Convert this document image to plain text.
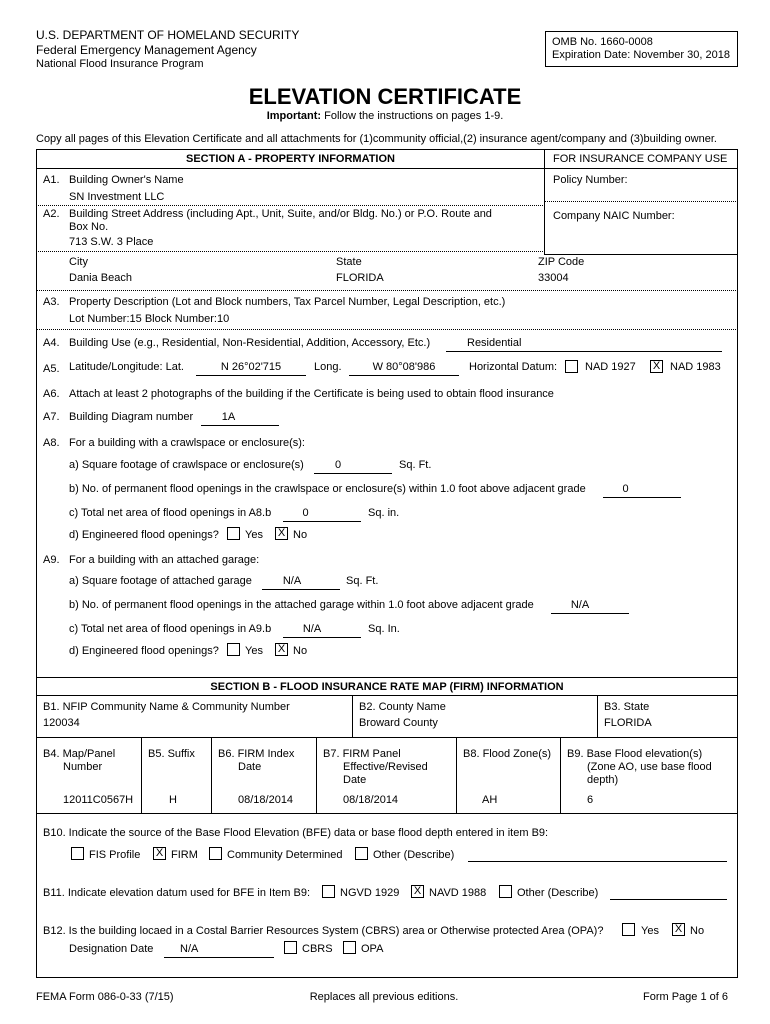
U.S. DEPARTMENT OF HOMELAND SECURITY
Federal Emergency Management Agency
National Flood Insurance Program
OMB No. 1660-0008
Expiration Date: November 30, 2018
ELEVATION CERTIFICATE
Important: Follow the instructions on pages 1-9.
Copy all pages of this Elevation Certificate and all attachments for (1)community official,(2) insurance agent/company and (3)building owner.
SECTION A - PROPERTY INFORMATION	FOR INSURANCE COMPANY USE
A1. Building Owner's Name
SN Investment LLC
Policy Number:
A2. Building Street Address (including Apt., Unit, Suite, and/or Bldg. No.) or P.O. Route and
Box No.
713 S.W. 3 Place
Company NAIC Number:
City
Dania Beach
State
FLORIDA
ZIP Code
33004
A3. Property Description (Lot and Block numbers, Tax Parcel Number, Legal Description, etc.)
Lot Number:15 Block Number:10
A4. Building Use (e.g., Residential, Non-Residential, Addition, Accessory, Etc.)	Residential
A5. Latitude/Longitude: Lat.	N 26°02'715	Long.	W 80°08'986	Horizontal Datum:	NAD 1927 X NAD 1983
A6. Attach at least 2 photographs of the building if the Certificate is being used to obtain flood insurance
A7. Building Diagram number	1A
A8. For a building with a crawlspace or enclosure(s):
a) Square footage of crawlspace or enclosure(s)	0	Sq. Ft.
b) No. of permanent flood openings in the crawlspace or enclosure(s) within 1.0 foot above adjacent grade	0
c) Total net area of flood openings in A8.b	0	Sq. in.
d) Engineered flood openings? Yes X No
A9. For a building with an attached garage:
a) Square footage of attached garage	N/A	Sq. Ft.
b) No. of permanent flood openings in the attached garage within 1.0 foot above adjacent grade	N/A
c) Total net area of flood openings in A9.b	N/A	Sq. In.
d) Engineered flood openings? Yes X No
SECTION B - FLOOD INSURANCE RATE MAP (FIRM) INFORMATION
B1. NFIP Community Name & Community Number
120034
B2. County Name
Broward County
B3. State
FLORIDA
B4. Map/Panel
Number
12011C0567H
B5. Suffix
H
B6. FIRM Index
Date
08/18/2014
B7. FIRM Panel
Effective/Revised
Date
08/18/2014
B8. Flood Zone(s)
AH
B9. Base Flood elevation(s)
(Zone AO, use base flood
depth)
6
B10. Indicate the source of the Base Flood Elevation (BFE) data or base flood depth entered in item B9:
FIS Profile X FIRM	Community Determined	Other (Describe)
B11. Indicate elevation datum used for BFE in Item B9:	NGVD 1929 X NAVD 1988	Other (Describe)
B12. Is the building locaed in a Costal Barrier Resources System (CBRS) area or Otherwise protected Area (OPA)?	Yes X No
Designation Date N/A	CBRS	OPA
FEMA Form 086-0-33 (7/15)	Replaces all previous editions.	Form Page 1 of 6
